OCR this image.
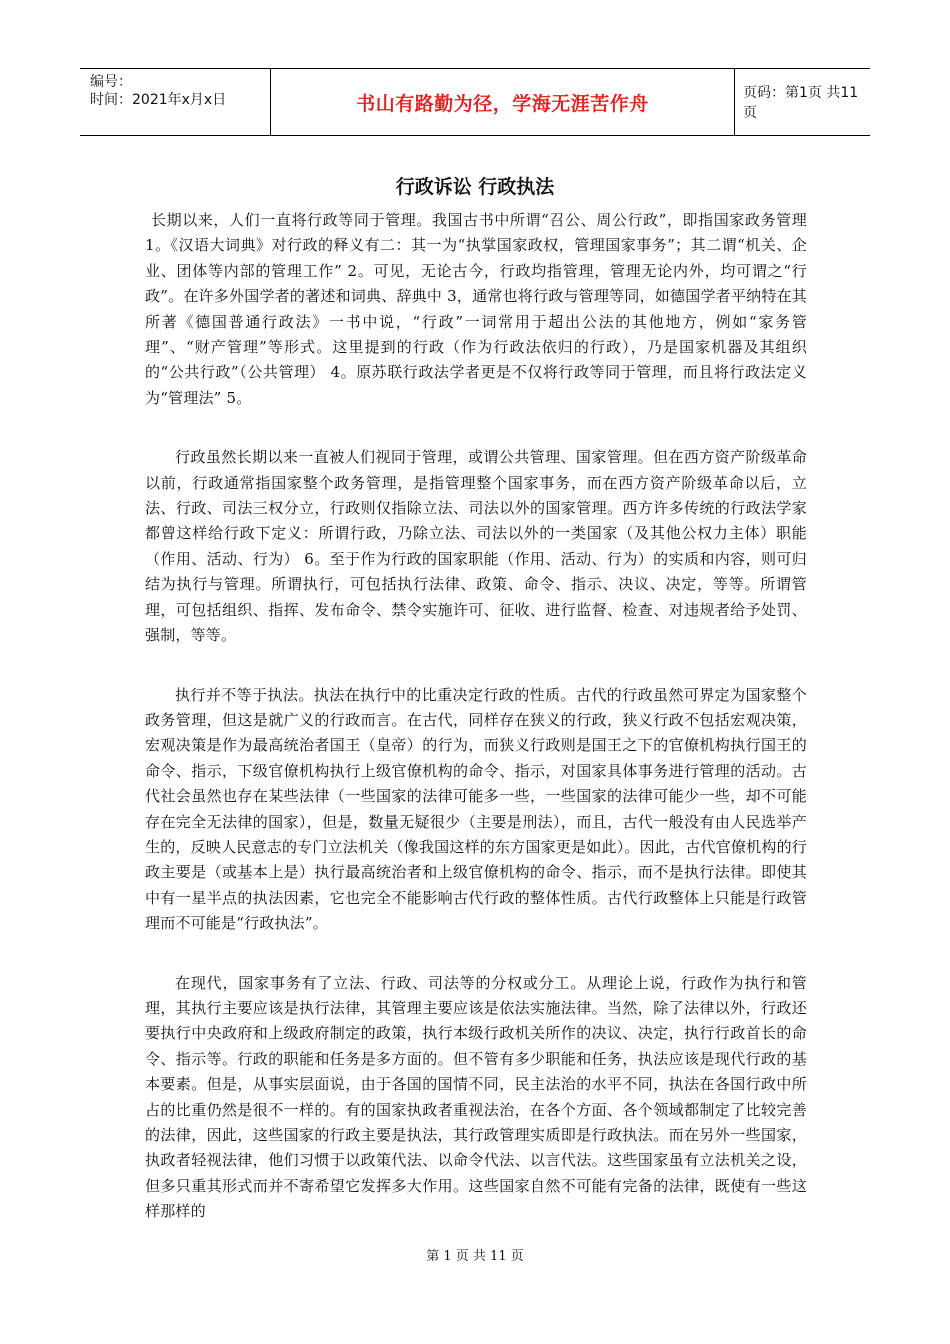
编号：
时间：2021年x月x日	书山有路勤为径，学海无涯苦作舟	页码：第1页 共11页
行政诉讼 行政执法

长期以来，人们一直将行政等同于管理。我国古书中所谓“召公、周公行政”，即指国家政务管理 1。《汉语大词典》对行政的释义有二：其一为“执掌国家政权，管理国家事务”；其二谓“机关、企业、团体等内部的管理工作” 2。可见，无论古今，行政均指管理，管理无论内外，均可谓之“行政”。在许多外国学者的著述和词典、辞典中 3，通常也将行政与管理等同，如德国学者平纳特在其所著《德国普通行政法》一书中说，“行政”一词常用于超出公法的其他地方，例如“家务管理”、“财产管理”等形式。这里提到的行政（作为行政法依归的行政），乃是国家机器及其组织的“公共行政”（公共管理） 4。原苏联行政法学者更是不仅将行政等同于管理，而且将行政法定义为“管理法” 5。

行政虽然长期以来一直被人们视同于管理，或谓公共管理、国家管理。但在西方资产阶级革命以前，行政通常指国家整个政务管理，是指管理整个国家事务，而在西方资产阶级革命以后，立法、行政、司法三权分立，行政则仅指除立法、司法以外的国家管理。西方许多传统的行政法学家都曾这样给行政下定义：所谓行政，乃除立法、司法以外的一类国家（及其他公权力主体）职能（作用、活动、行为） 6。至于作为行政的国家职能（作用、活动、行为）的实质和内容，则可归结为执行与管理。所谓执行，可包括执行法律、政策、命令、指示、决议、决定，等等。所谓管理，可包括组织、指挥、发布命令、禁令实施许可、征收、进行监督、检查、对违规者给予处罚、强制，等等。

执行并不等于执法。执法在执行中的比重决定行政的性质。古代的行政虽然可界定为国家整个政务管理，但这是就广义的行政而言。在古代，同样存在狭义的行政，狭义行政不包括宏观决策，宏观决策是作为最高统治者国王（皇帝）的行为，而狭义行政则是国王之下的官僚机构执行国王的命令、指示，下级官僚机构执行上级官僚机构的命令、指示，对国家具体事务进行管理的活动。古代社会虽然也存在某些法律（一些国家的法律可能多一些，一些国家的法律可能少一些，却不可能存在完全无法律的国家），但是，数量无疑很少（主要是刑法），而且，古代一般没有由人民选举产生的，反映人民意志的专门立法机关（像我国这样的东方国家更是如此）。因此，古代官僚机构的行政主要是（或基本上是）执行最高统治者和上级官僚机构的命令、指示，而不是执行法律。即使其中有一星半点的执法因素，它也完全不能影响古代行政的整体性质。古代行政整体上只能是行政管理而不可能是“行政执法”。

在现代，国家事务有了立法、行政、司法等的分权或分工。从理论上说，行政作为执行和管理，其执行主要应该是执行法律，其管理主要应该是依法实施法律。当然，除了法律以外，行政还要执行中央政府和上级政府制定的政策，执行本级行政机关所作的决议、决定，执行行政首长的命令、指示等。行政的职能和任务是多方面的。但不管有多少职能和任务，执法应该是现代行政的基本要素。但是，从事实层面说，由于各国的国情不同，民主法治的水平不同，执法在各国行政中所占的比重仍然是很不一样的。有的国家执政者重视法治，在各个方面、各个领域都制定了比较完善的法律，因此，这些国家的行政主要是执法，其行政管理实质即是行政执法。而在另外一些国家，执政者轻视法律，他们习惯于以政策代法、以命令代法、以言代法。这些国家虽有立法机关之设，但多只重其形式而并不寄希望它发挥多大作用。这些国家自然不可能有完备的法律，既使有一些这样那样的

第 1 页 共 11 页
